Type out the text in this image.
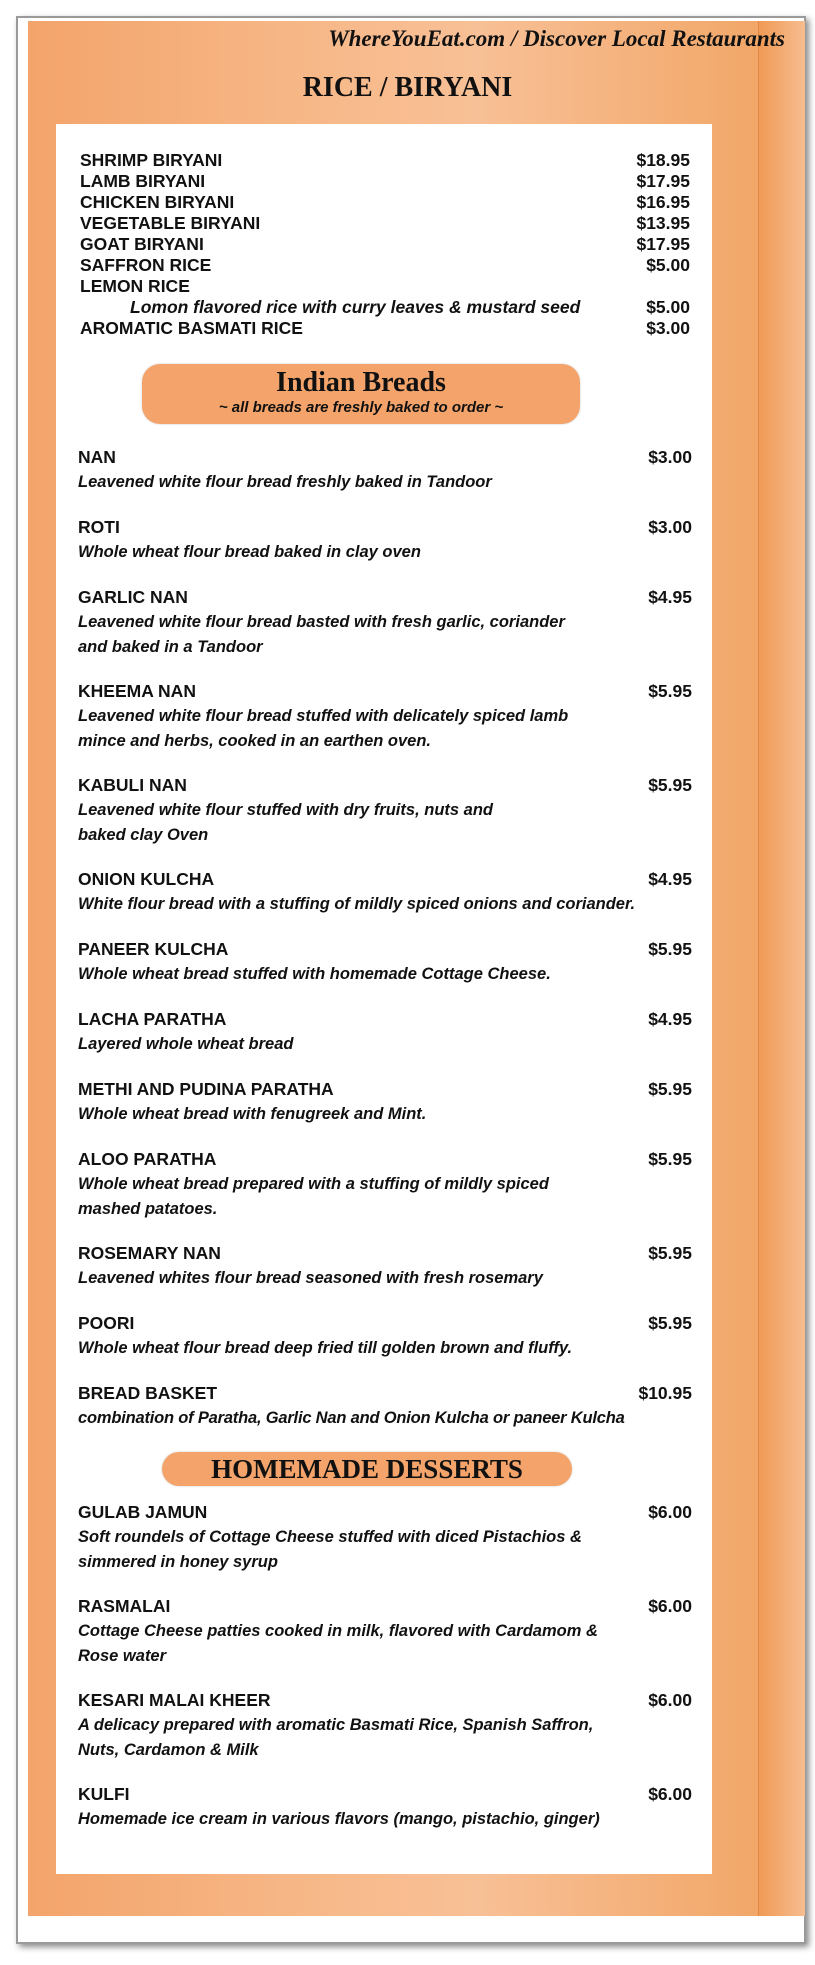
WhereYouEat.com / Discover Local Restaurants
RICE / BIRYANI
SHRIMP BIRYANI	$18.95
LAMB BIRYANI	$17.95
CHICKEN BIRYANI	$16.95
VEGETABLE BIRYANI	$13.95
GOAT BIRYANI	$17.95
SAFFRON RICE	$5.00
LEMON RICE
Lomon flavored rice with curry leaves & mustard seed	$5.00
AROMATIC BASMATI RICE	$3.00
Indian Breads
~ all breads are freshly baked to order ~
NAN	$3.00
Leavened white flour bread freshly baked in Tandoor
ROTI	$3.00
Whole wheat flour bread baked in clay oven
GARLIC NAN	$4.95
Leavened white flour bread basted with fresh garlic, coriander and baked in a Tandoor
KHEEMA NAN	$5.95
Leavened white flour bread stuffed with delicately spiced lamb mince and herbs, cooked in an earthen oven.
KABULI NAN	$5.95
Leavened white flour stuffed with dry fruits, nuts and baked clay Oven
ONION KULCHA	$4.95
White flour bread with a stuffing of mildly spiced onions and coriander.
PANEER KULCHA	$5.95
Whole wheat bread stuffed with homemade Cottage Cheese.
LACHA PARATHA	$4.95
Layered whole wheat bread
METHI AND PUDINA PARATHA	$5.95
Whole wheat bread with fenugreek and Mint.
ALOO PARATHA	$5.95
Whole wheat bread prepared with a stuffing of mildly spiced mashed patatoes.
ROSEMARY NAN	$5.95
Leavened whites flour bread seasoned with fresh rosemary
POORI	$5.95
Whole wheat flour bread deep fried till golden brown and fluffy.
BREAD BASKET	$10.95
combination of Paratha, Garlic Nan and Onion Kulcha or paneer Kulcha
HOMEMADE DESSERTS
GULAB JAMUN	$6.00
Soft roundels of Cottage Cheese stuffed with diced Pistachios & simmered in honey syrup
RASMALAI	$6.00
Cottage Cheese patties cooked in milk, flavored with Cardamom & Rose water
KESARI MALAI KHEER	$6.00
A delicacy prepared with aromatic Basmati Rice, Spanish Saffron, Nuts, Cardamon & Milk
KULFI	$6.00
Homemade ice cream in various flavors (mango, pistachio, ginger)
